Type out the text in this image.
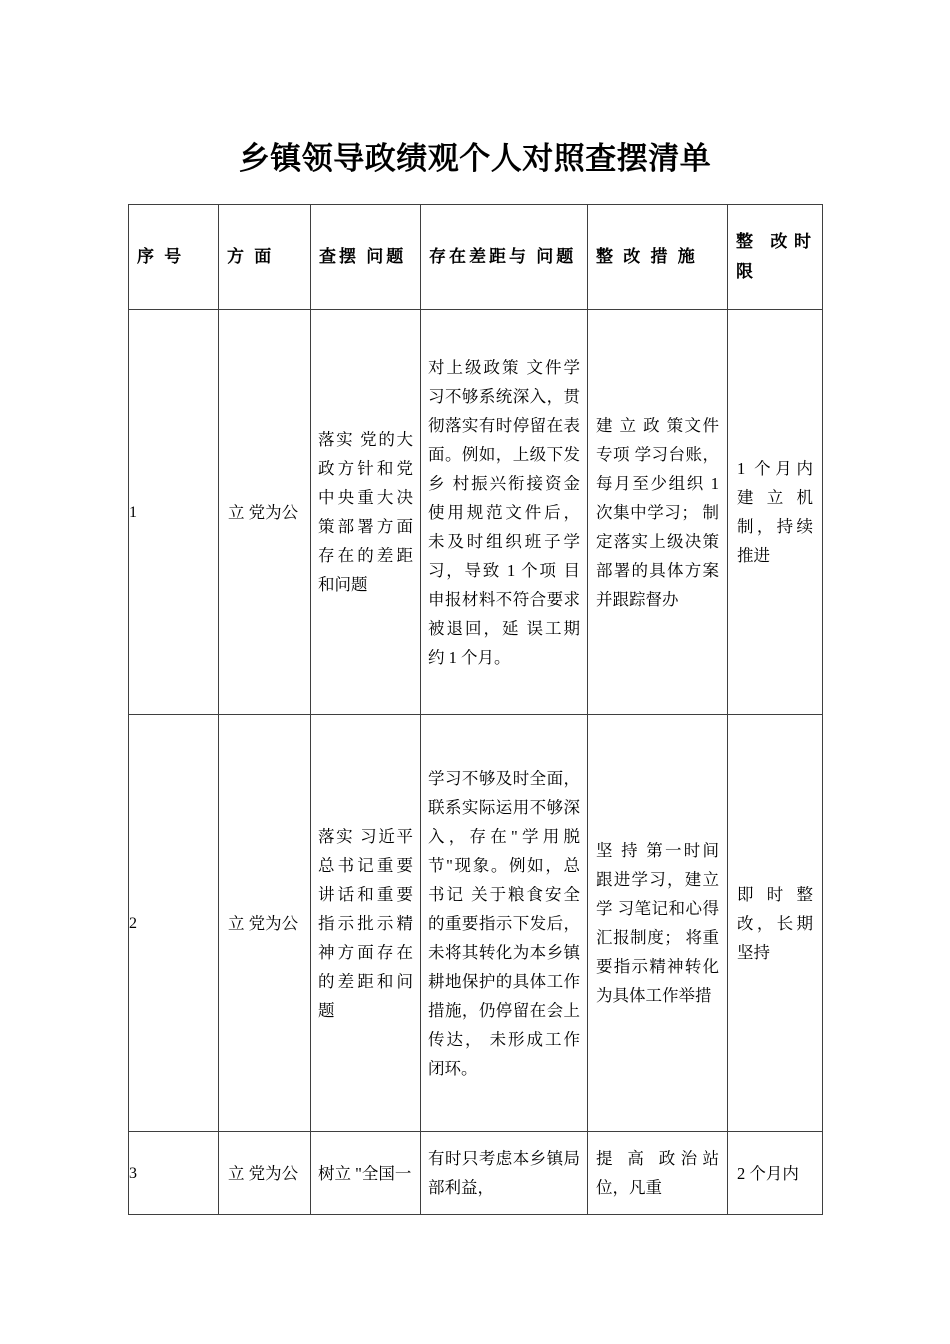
乡镇领导政绩观个人对照查摆清单
序 号	方 面	查摆 问题	存在差距与 问题	整 改 措 施	整 改时限

1	立 党为公	落实 党的大政方针和党中央重大决策部署方面存在的差距和问题	对上级政策 文件学习不够系统深入，贯彻落实有时停留在表面。例如，上级下发乡 村振兴衔接资金使用规范文件后， 未及时组织班子学习，导致 1 个项 目申报材料不符合要求被退回，延 误工期约 1 个月。	建 立 政 策文件 专项 学习台账，每月至少组织 1 次集中学习； 制定落实上级决策部署的具体方案并跟踪督办	1 个月内建立机制，持续推进

2	立 党为公	落实 习近平总书记重要讲话和重要指示批示精神方面存在的差距和问题	学习不够及时全面，联系实际运用不够深入，存在"学用脱节"现象。例如，总书记 关于粮食安全的重要指示下发后， 未将其转化为本乡镇耕地保护的具体工作措施，仍停留在会上传达， 未形成工作闭环。	坚 持 第一时间跟进学习，建立学 习笔记和心得汇报制度； 将重要指示精神转化为具体工作举措	即 时 整改，长期坚持

3	立 党为公	树立 "全国一	有时只考虑本乡镇局部利益，	提 高 政治站位，凡重	2 个月内
